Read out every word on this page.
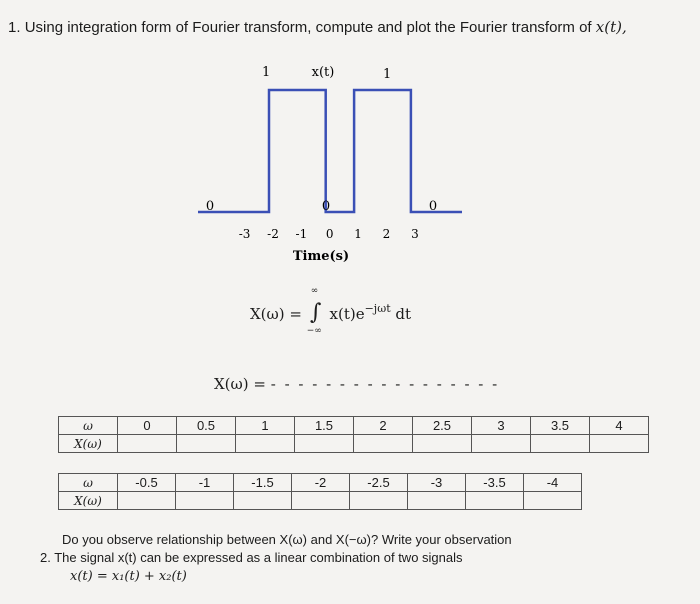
1. Using integration form of Fourier transform, compute and plot the Fourier transform of x(t),
x(t)
1	1
0	0	0
-3 -2 -1 0 1 2 3
Time(s)
X(ω) =
∞
∫
−∞
$x(t)e^{-j\omega t}$ dt
X(ω) = - - - - - - - - - - - - - - - - -
ω	0	0.5	1	1.5	2	2.5	3	3.5	4
X(ω)									
ω	-0.5	-1	-1.5	-2	-2.5	-3	-3.5	-4
X(ω)								
Do you observe relationship between X(ω) and X(−ω)? Write your observation
2. The signal x(t) can be expressed as a linear combination of two signals
x(t) = x₁(t) + x₂(t)
